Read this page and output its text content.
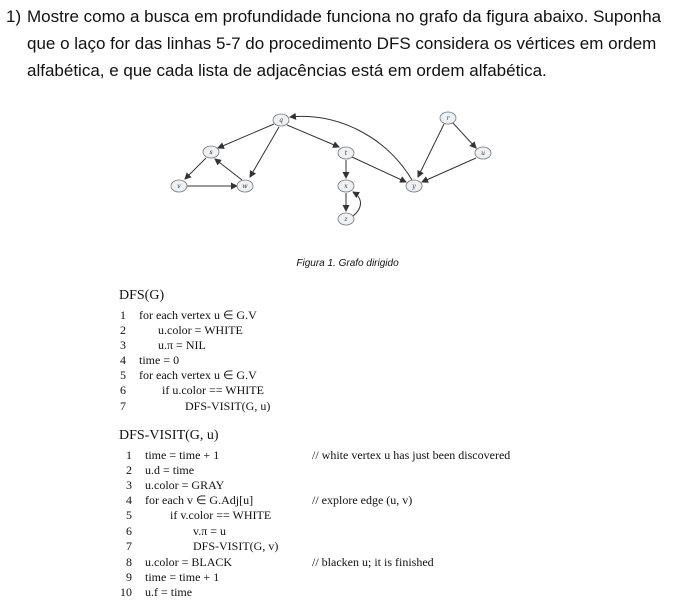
1) Mostre como a busca em profundidade funciona no grafo da figura abaixo. Suponha que o laço for das linhas 5-7 do procedimento DFS considera os vértices em ordem alfabética, e que cada lista de adjacências está em ordem alfabética.
q	r
s	t	u
v	w	x	y
z
Figura 1. Grafo dirigido
DFS(G)
1 for each vertex u ∈ G.V
2	u.color = WHITE
3	u.π = NIL
4 time = 0
5 for each vertex u ∈ G.V
6	if u.color == WHITE
7	DFS-VISIT(G, u)
DFS-VISIT(G, u)
1 time = time + 1	// white vertex u has just been discovered
2 u.d = time
3 u.color = GRAY
4 for each v ∈ G.Adj[u]	// explore edge (u, v)
5	if v.color == WHITE
6	v.π = u
7	DFS-VISIT(G, v)
8 u.color = BLACK	// blacken u; it is finished
9 time = time + 1
10 u.f = time
